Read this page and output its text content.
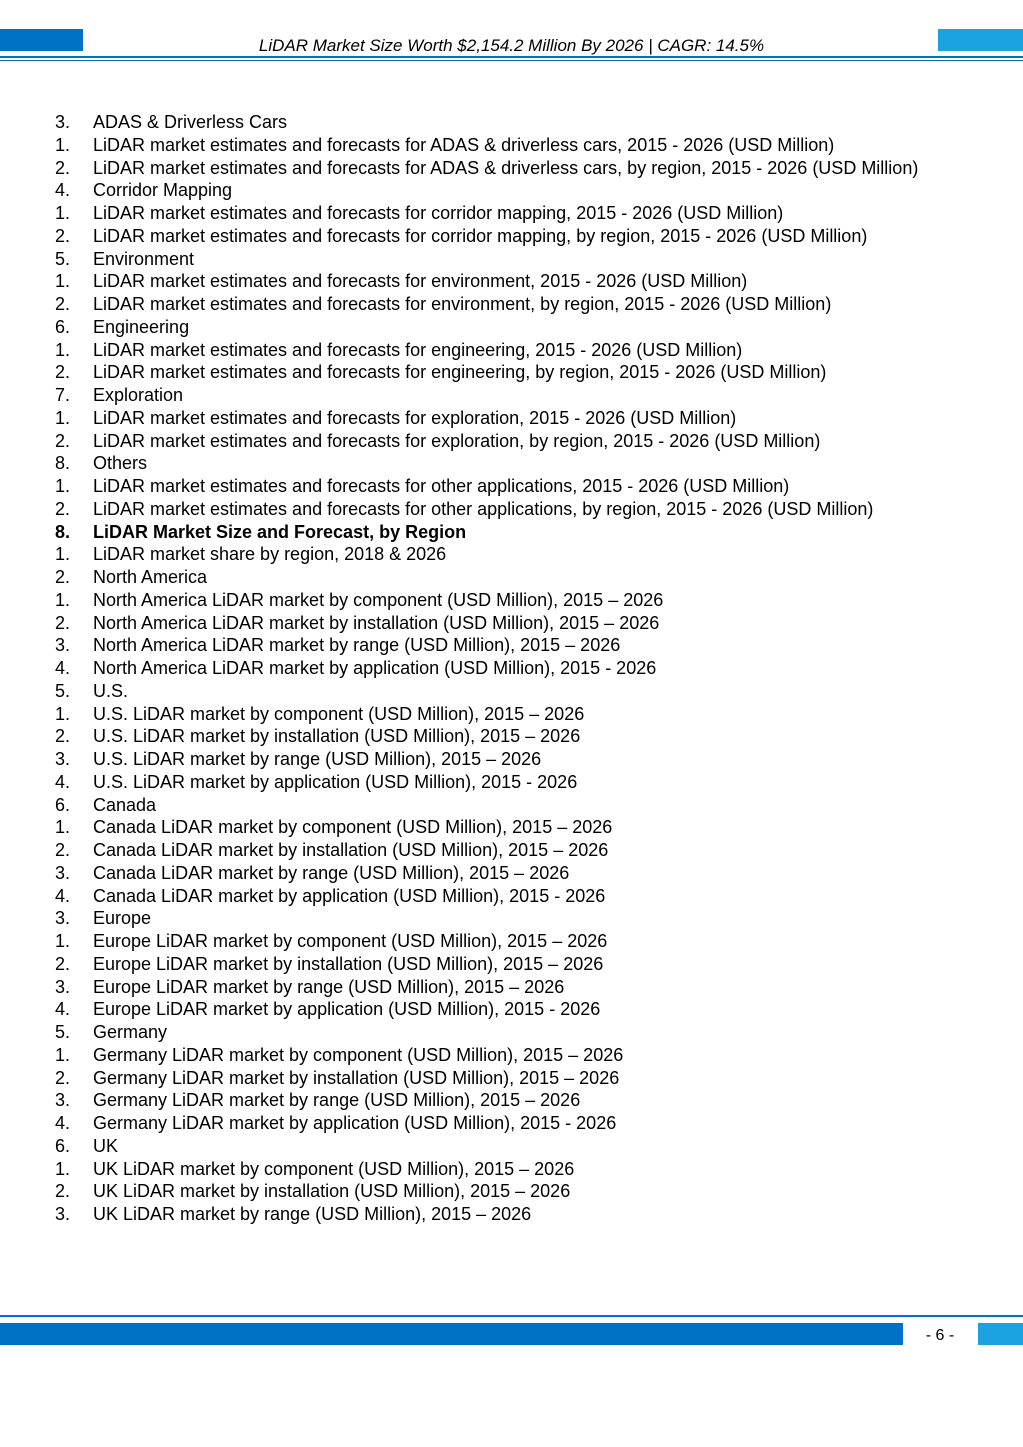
LiDAR Market Size Worth $2,154.2 Million By 2026 | CAGR: 14.5%
3.	ADAS & Driverless Cars
1.	LiDAR market estimates and forecasts for ADAS & driverless cars, 2015 - 2026 (USD Million)
2.	LiDAR market estimates and forecasts for ADAS & driverless cars, by region, 2015 - 2026 (USD Million)
4.	Corridor Mapping
1.	LiDAR market estimates and forecasts for corridor mapping, 2015 - 2026 (USD Million)
2.	LiDAR market estimates and forecasts for corridor mapping, by region, 2015 - 2026 (USD Million)
5.	Environment
1.	LiDAR market estimates and forecasts for environment, 2015 - 2026 (USD Million)
2.	LiDAR market estimates and forecasts for environment, by region, 2015 - 2026 (USD Million)
6.	Engineering
1.	LiDAR market estimates and forecasts for engineering, 2015 - 2026 (USD Million)
2.	LiDAR market estimates and forecasts for engineering, by region, 2015 - 2026 (USD Million)
7.	Exploration
1.	LiDAR market estimates and forecasts for exploration, 2015 - 2026 (USD Million)
2.	LiDAR market estimates and forecasts for exploration, by region, 2015 - 2026 (USD Million)
8.	Others
1.	LiDAR market estimates and forecasts for other applications, 2015 - 2026 (USD Million)
2.	LiDAR market estimates and forecasts for other applications, by region, 2015 - 2026 (USD Million)
8.	LiDAR Market Size and Forecast, by Region
1.	LiDAR market share by region, 2018 & 2026
2.	North America
1.	North America LiDAR market by component (USD Million), 2015 – 2026
2.	North America LiDAR market by installation (USD Million), 2015 – 2026
3.	North America LiDAR market by range (USD Million), 2015 – 2026
4.	North America LiDAR market by application (USD Million), 2015 - 2026
5.	U.S.
1.	U.S. LiDAR market by component (USD Million), 2015 – 2026
2.	U.S. LiDAR market by installation (USD Million), 2015 – 2026
3.	U.S. LiDAR market by range (USD Million), 2015 – 2026
4.	U.S. LiDAR market by application (USD Million), 2015 - 2026
6.	Canada
1.	Canada LiDAR market by component (USD Million), 2015 – 2026
2.	Canada LiDAR market by installation (USD Million), 2015 – 2026
3.	Canada LiDAR market by range (USD Million), 2015 – 2026
4.	Canada LiDAR market by application (USD Million), 2015 - 2026
3.	Europe
1.	Europe LiDAR market by component (USD Million), 2015 – 2026
2.	Europe LiDAR market by installation (USD Million), 2015 – 2026
3.	Europe LiDAR market by range (USD Million), 2015 – 2026
4.	Europe LiDAR market by application (USD Million), 2015 - 2026
5.	Germany
1.	Germany LiDAR market by component (USD Million), 2015 – 2026
2.	Germany LiDAR market by installation (USD Million), 2015 – 2026
3.	Germany LiDAR market by range (USD Million), 2015 – 2026
4.	Germany LiDAR market by application (USD Million), 2015 - 2026
6.	UK
1.	UK LiDAR market by component (USD Million), 2015 – 2026
2.	UK LiDAR market by installation (USD Million), 2015 – 2026
3.	UK LiDAR market by range (USD Million), 2015 – 2026
- 6 -
